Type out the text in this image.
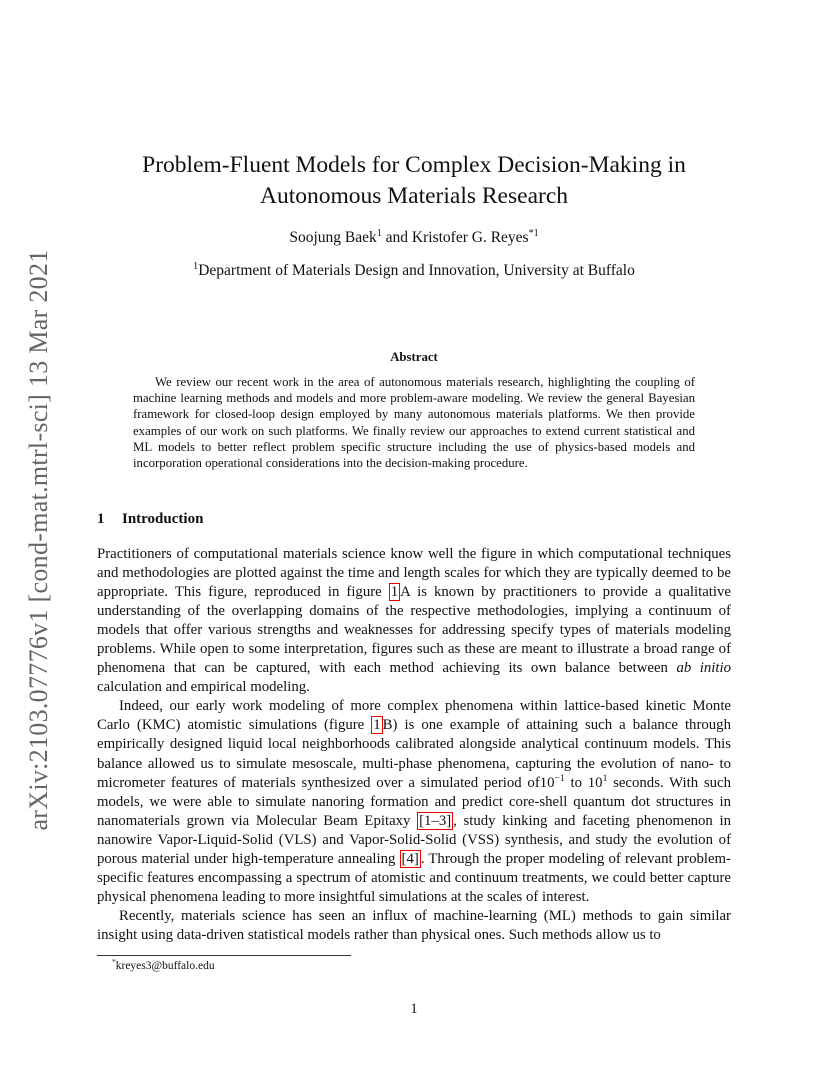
arXiv:2103.07776v1 [cond-mat.mtrl-sci] 13 Mar 2021
Problem-Fluent Models for Complex Decision-Making in
Autonomous Materials Research
Soojung Baek$^1$ and Kristofer G. Reyes$^{*1}$
$^1$Department of Materials Design and Innovation, University at Buffalo
Abstract
We review our recent work in the area of autonomous materials research, highlighting the coupling of machine learning methods and models and more problem-aware modeling. We review the general Bayesian framework for closed-loop design employed by many autonomous materials platforms. We then provide examples of our work on such platforms. We finally review our approaches to extend current statistical and ML models to better reflect problem specific structure including the use of physics-based models and incorporation operational considerations into the decision-making procedure.
1 Introduction

Practitioners of computational materials science know well the figure in which computational techniques and methodologies are plotted against the time and length scales for which they are typically deemed to be appropriate. This figure, reproduced in figure 1 A is known by practitioners to provide a qualitative understanding of the overlapping domains of the respective methodologies, implying a continuum of models that offer various strengths and weaknesses for addressing specify types of materials modeling problems. While open to some interpretation, figures such as these are meant to illustrate a broad range of phenomena that can be captured, with each method achieving its own balance between ab initio calculation and empirical modeling.

Indeed, our early work modeling of more complex phenomena within lattice-based kinetic Monte Carlo (KMC) atomistic simulations (figure 1 B) is one example of attaining such a balance through empirically designed liquid local neighborhoods calibrated alongside analytical continuum models. This balance allowed us to simulate mesoscale, multi-phase phenomena, capturing the evolution of nano- to micrometer features of materials synthesized over a simulated period $of10^{-1}$ to $10^1$ seconds. With such models, we were able to simulate nanoring formation and predict core-shell quantum dot structures in nanomaterials grown via Molecular Beam Epitaxy [1–3] , study kinking and faceting phenomenon in nanowire Vapor-Liquid-Solid (VLS) and Vapor-Solid-Solid (VSS) synthesis, and study the evolution of porous material under high-temperature annealing [4] . Through the proper modeling of relevant problem-specific features encompassing a spectrum of atomistic and continuum treatments, we could better capture physical phenomena leading to more insightful simulations at the scales of interest.

Recently, materials science has seen an influx of machine-learning (ML) methods to gain similar insight using data-driven statistical models rather than physical ones. Such methods allow us to

*kreyes3@buffalo.edu
1
